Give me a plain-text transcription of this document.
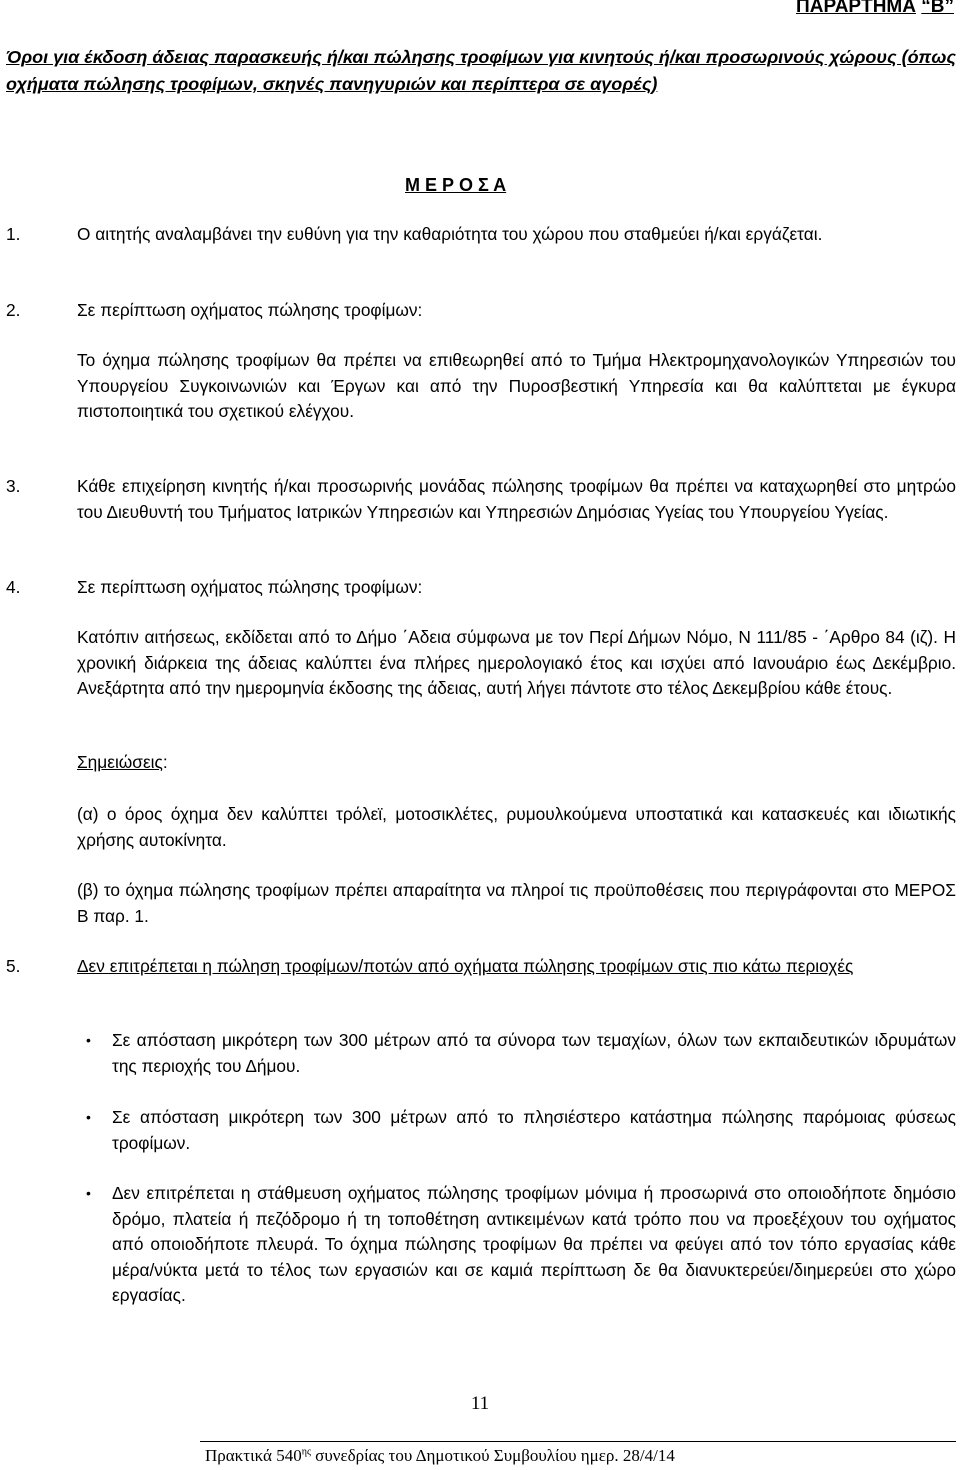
ΠΑΡΑΡΤΗΜΑ “Β”
Όροι για έκδοση άδειας παρασκευής ή/και πώλησης τροφίμων για κινητούς ή/και προσωρινούς χώρους (όπως οχήματα πώλησης τροφίμων, σκηνές πανηγυριών και περίπτερα σε αγορές)
Μ Ε Ρ Ο Σ Α
1.	Ο αιτητής αναλαμβάνει την ευθύνη για την καθαριότητα του χώρου που σταθμεύει ή/και εργάζεται.
2.	Σε περίπτωση οχήματος πώλησης τροφίμων:
Το όχημα πώλησης τροφίμων θα πρέπει να επιθεωρηθεί από το Τμήμα Ηλεκτρομηχανολογικών Υπηρεσιών του Υπουργείου Συγκοινωνιών και Έργων και από την Πυροσβεστική Υπηρεσία και θα καλύπτεται με έγκυρα πιστοποιητικά του σχετικού ελέγχου.
3.	Κάθε επιχείρηση κινητής ή/και προσωρινής μονάδας πώλησης τροφίμων θα πρέπει να καταχωρηθεί στο μητρώο του Διευθυντή του Τμήματος Ιατρικών Υπηρεσιών και Υπηρεσιών Δημόσιας Υγείας του Υπουργείου Υγείας.
4.	Σε περίπτωση οχήματος πώλησης τροφίμων:
Κατόπιν αιτήσεως, εκδίδεται από το Δήμο ΄Αδεια σύμφωνα με τον Περί Δήμων Νόμο, Ν 111/85 - ΄Αρθρο 84 (ιζ). Η χρονική διάρκεια της άδειας καλύπτει ένα πλήρες ημερολογιακό έτος και ισχύει από Ιανουάριο έως Δεκέμβριο. Ανεξάρτητα από την ημερομηνία έκδοσης της άδειας, αυτή λήγει πάντοτε στο τέλος Δεκεμβρίου κάθε έτους.
Σημειώσεις:
(α) ο όρος όχημα δεν καλύπτει τρόλεϊ, μοτοσικλέτες, ρυμουλκούμενα υποστατικά και κατασκευές και ιδιωτικής χρήσης αυτοκίνητα.
(β) το όχημα πώλησης τροφίμων πρέπει απαραίτητα να πληροί τις προϋποθέσεις που περιγράφονται στο ΜΕΡΟΣ Β παρ. 1.
5.	Δεν επιτρέπεται η πώληση τροφίμων/ποτών από οχήματα πώλησης τροφίμων στις πιο κάτω περιοχές
• Σε απόσταση μικρότερη των 300 μέτρων από τα σύνορα των τεμαχίων, όλων των εκπαιδευτικών ιδρυμάτων της περιοχής του Δήμου.
• Σε απόσταση μικρότερη των 300 μέτρων από το πλησιέστερο κατάστημα πώλησης παρόμοιας φύσεως τροφίμων.
• Δεν επιτρέπεται η στάθμευση οχήματος πώλησης τροφίμων μόνιμα ή προσωρινά στο οποιοδήποτε δημόσιο δρόμο, πλατεία ή πεζόδρομο ή τη τοποθέτηση αντικειμένων κατά τρόπο που να προεξέχουν του οχήματος από οποιοδήποτε πλευρά. Το όχημα πώλησης τροφίμων θα πρέπει να φεύγει από τον τόπο εργασίας κάθε μέρα/νύκτα μετά το τέλος των εργασιών και σε καμιά περίπτωση δε θα διανυκτερεύει/διημερεύει στο χώρο εργασίας.
11
Πρακτικά $540^{\eta\varsigma}$ συνεδρίας του Δημοτικού Συμβουλίου ημερ. 28/4/14
